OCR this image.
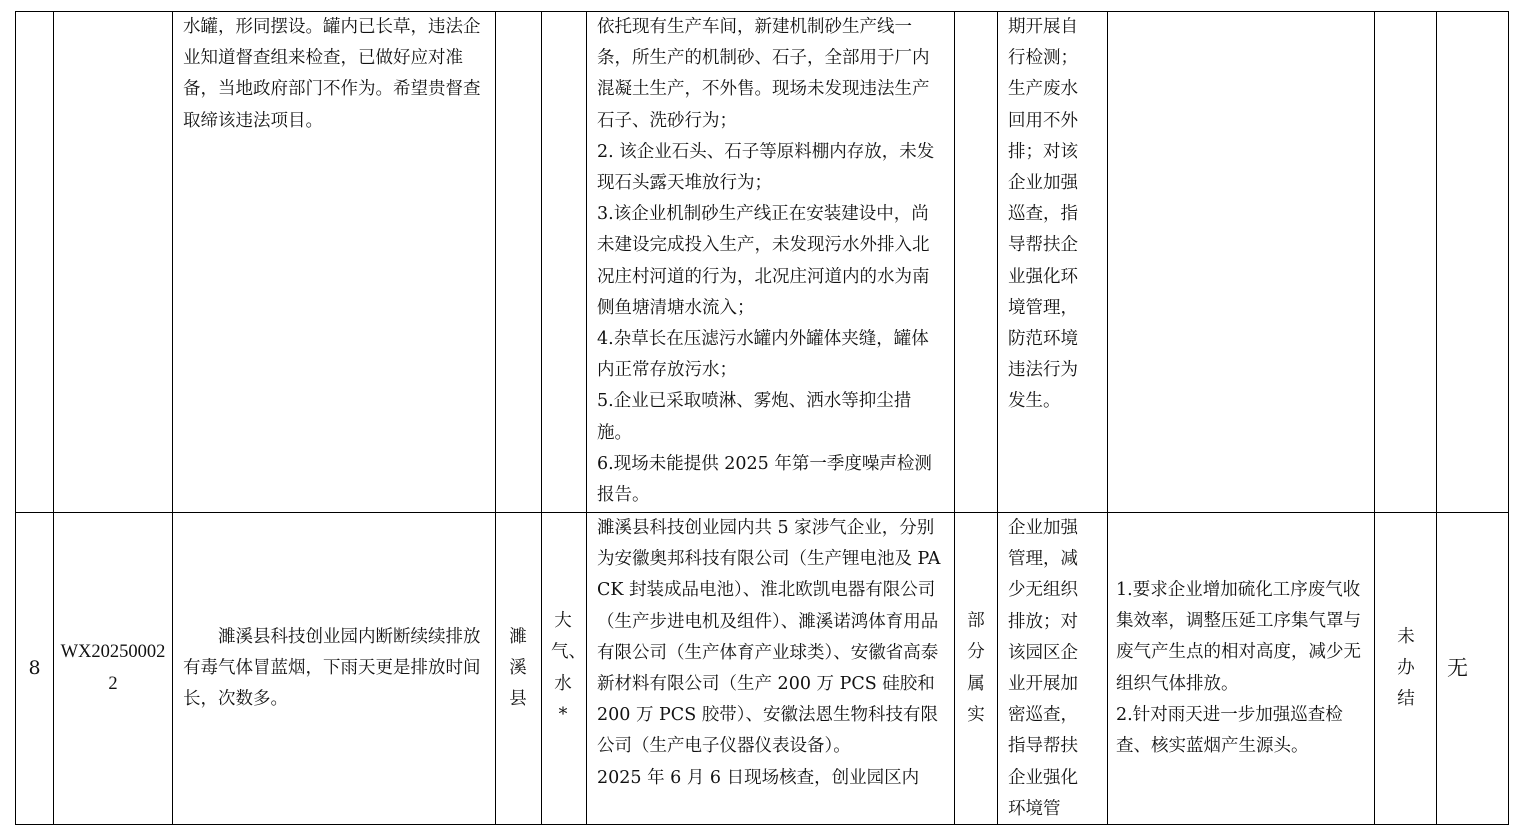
水罐，形同摆设。罐内已长草，违法企业知道督查组来检查，已做好应对准备，当地政府部门不作为。希望贵督查取缔该违法项目。

依托现有生产车间，新建机制砂生产线一条，所生产的机制砂、石子，全部用于厂内混凝土生产，不外售。现场未发现违法生产石子、洗砂行为；

2. 该企业石头、石子等原料棚内存放，未发现石头露天堆放行为；

3.该企业机制砂生产线正在安装建设中，尚未建设完成投入生产，未发现污水外排入北况庄村河道的行为，北况庄河道内的水为南侧鱼塘清塘水流入；

4.杂草长在压滤污水罐内外罐体夹缝，罐体内正常存放污水；

5.企业已采取喷淋、雾炮、洒水等抑尘措施。

6.现场未能提供 2025 年第一季度噪声检测报告。

期开展自行检测；生产废水回用不外排；对该企业加强巡查，指导帮扶企业强化环境管理，防范环境违法行为发生。

8

WX202500022

濉溪县科技创业园内断断续续排放有毒气体冒蓝烟，下雨天更是排放时间长，次数多。

濉溪县

大气、水*

濉溪县科技创业园内共 5 家涉气企业，分别为安徽奥邦科技有限公司（生产锂电池及 PACK 封装成品电池）、淮北欧凯电器有限公司（生产步进电机及组件）、濉溪诺鸿体育用品有限公司（生产体育产业球类）、安徽省高泰新材料有限公司（生产 200 万 PCS 硅胶和 200 万 PCS 胶带）、安徽法恩生物科技有限公司（生产电子仪器仪表设备）。

2025 年 6 月 6 日现场核查，创业园区内

部分属实

企业加强管理，减少无组织排放；对该园区企业开展加密巡查，指导帮扶企业强化环境管

1.要求企业增加硫化工序废气收集效率，调整压延工序集气罩与废气产生点的相对高度，减少无组织气体排放。

2.针对雨天进一步加强巡查检查、核实蓝烟产生源头。

未办结

无
